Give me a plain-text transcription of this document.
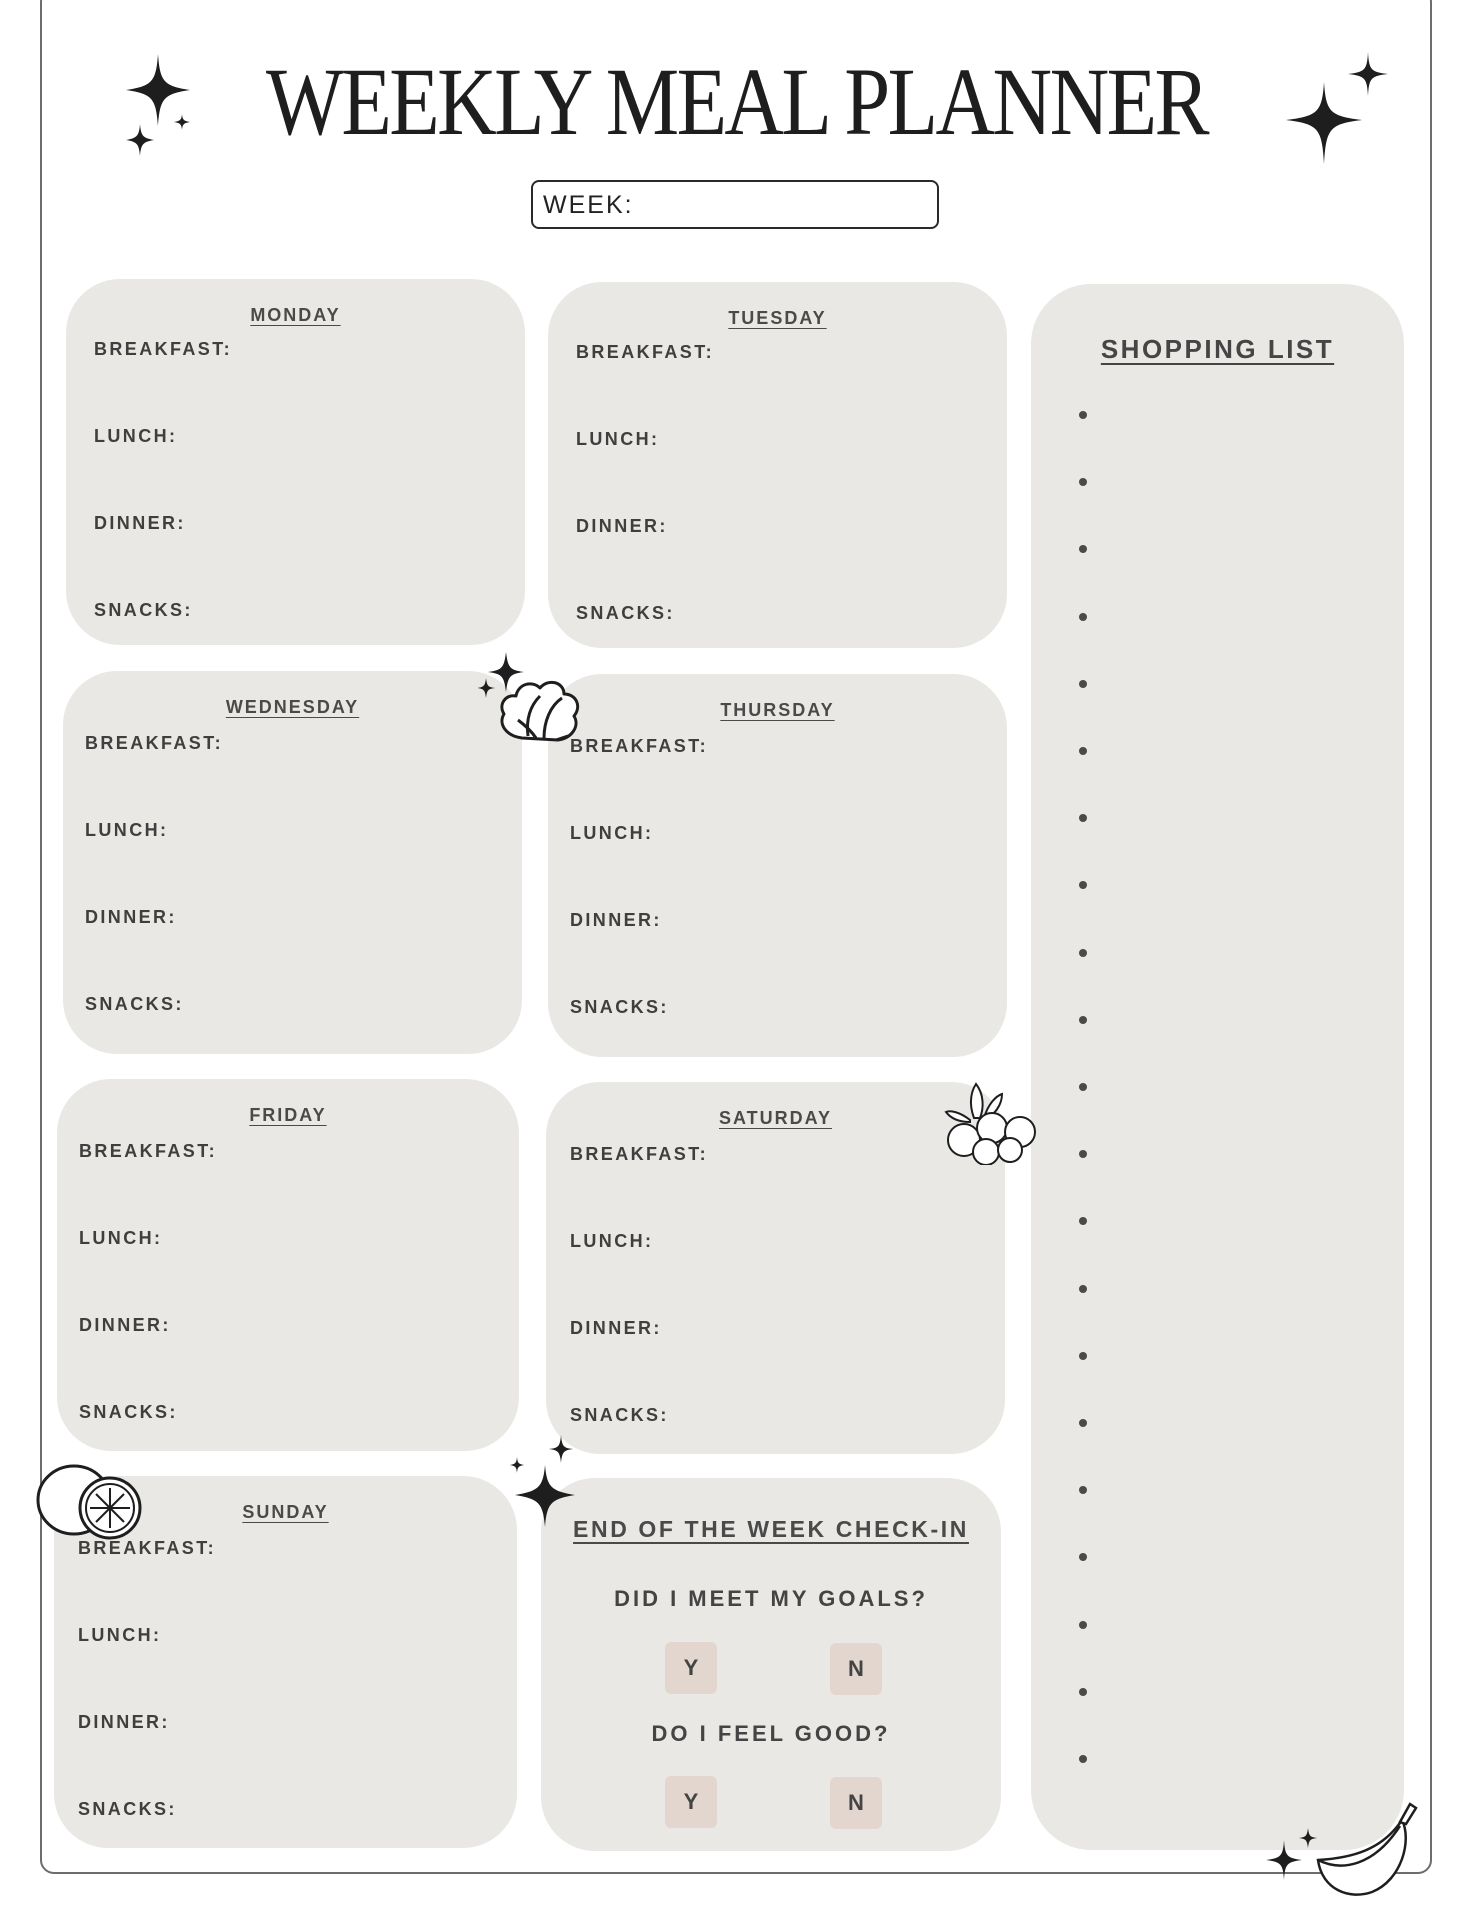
WEEKLY MEAL PLANNER
WEEK:
MONDAY
BREAKFAST:
LUNCH:
DINNER:
SNACKS:
TUESDAY
BREAKFAST:
LUNCH:
DINNER:
SNACKS:
WEDNESDAY
BREAKFAST:
LUNCH:
DINNER:
SNACKS:
THURSDAY
BREAKFAST:
LUNCH:
DINNER:
SNACKS:
FRIDAY
BREAKFAST:
LUNCH:
DINNER:
SNACKS:
SATURDAY
BREAKFAST:
LUNCH:
DINNER:
SNACKS:
SUNDAY
BREAKFAST:
LUNCH:
DINNER:
SNACKS:
END OF THE WEEK CHECK-IN
DID I MEET MY GOALS?
Y	N
DO I FEEL GOOD?
Y	N
SHOPPING LIST
